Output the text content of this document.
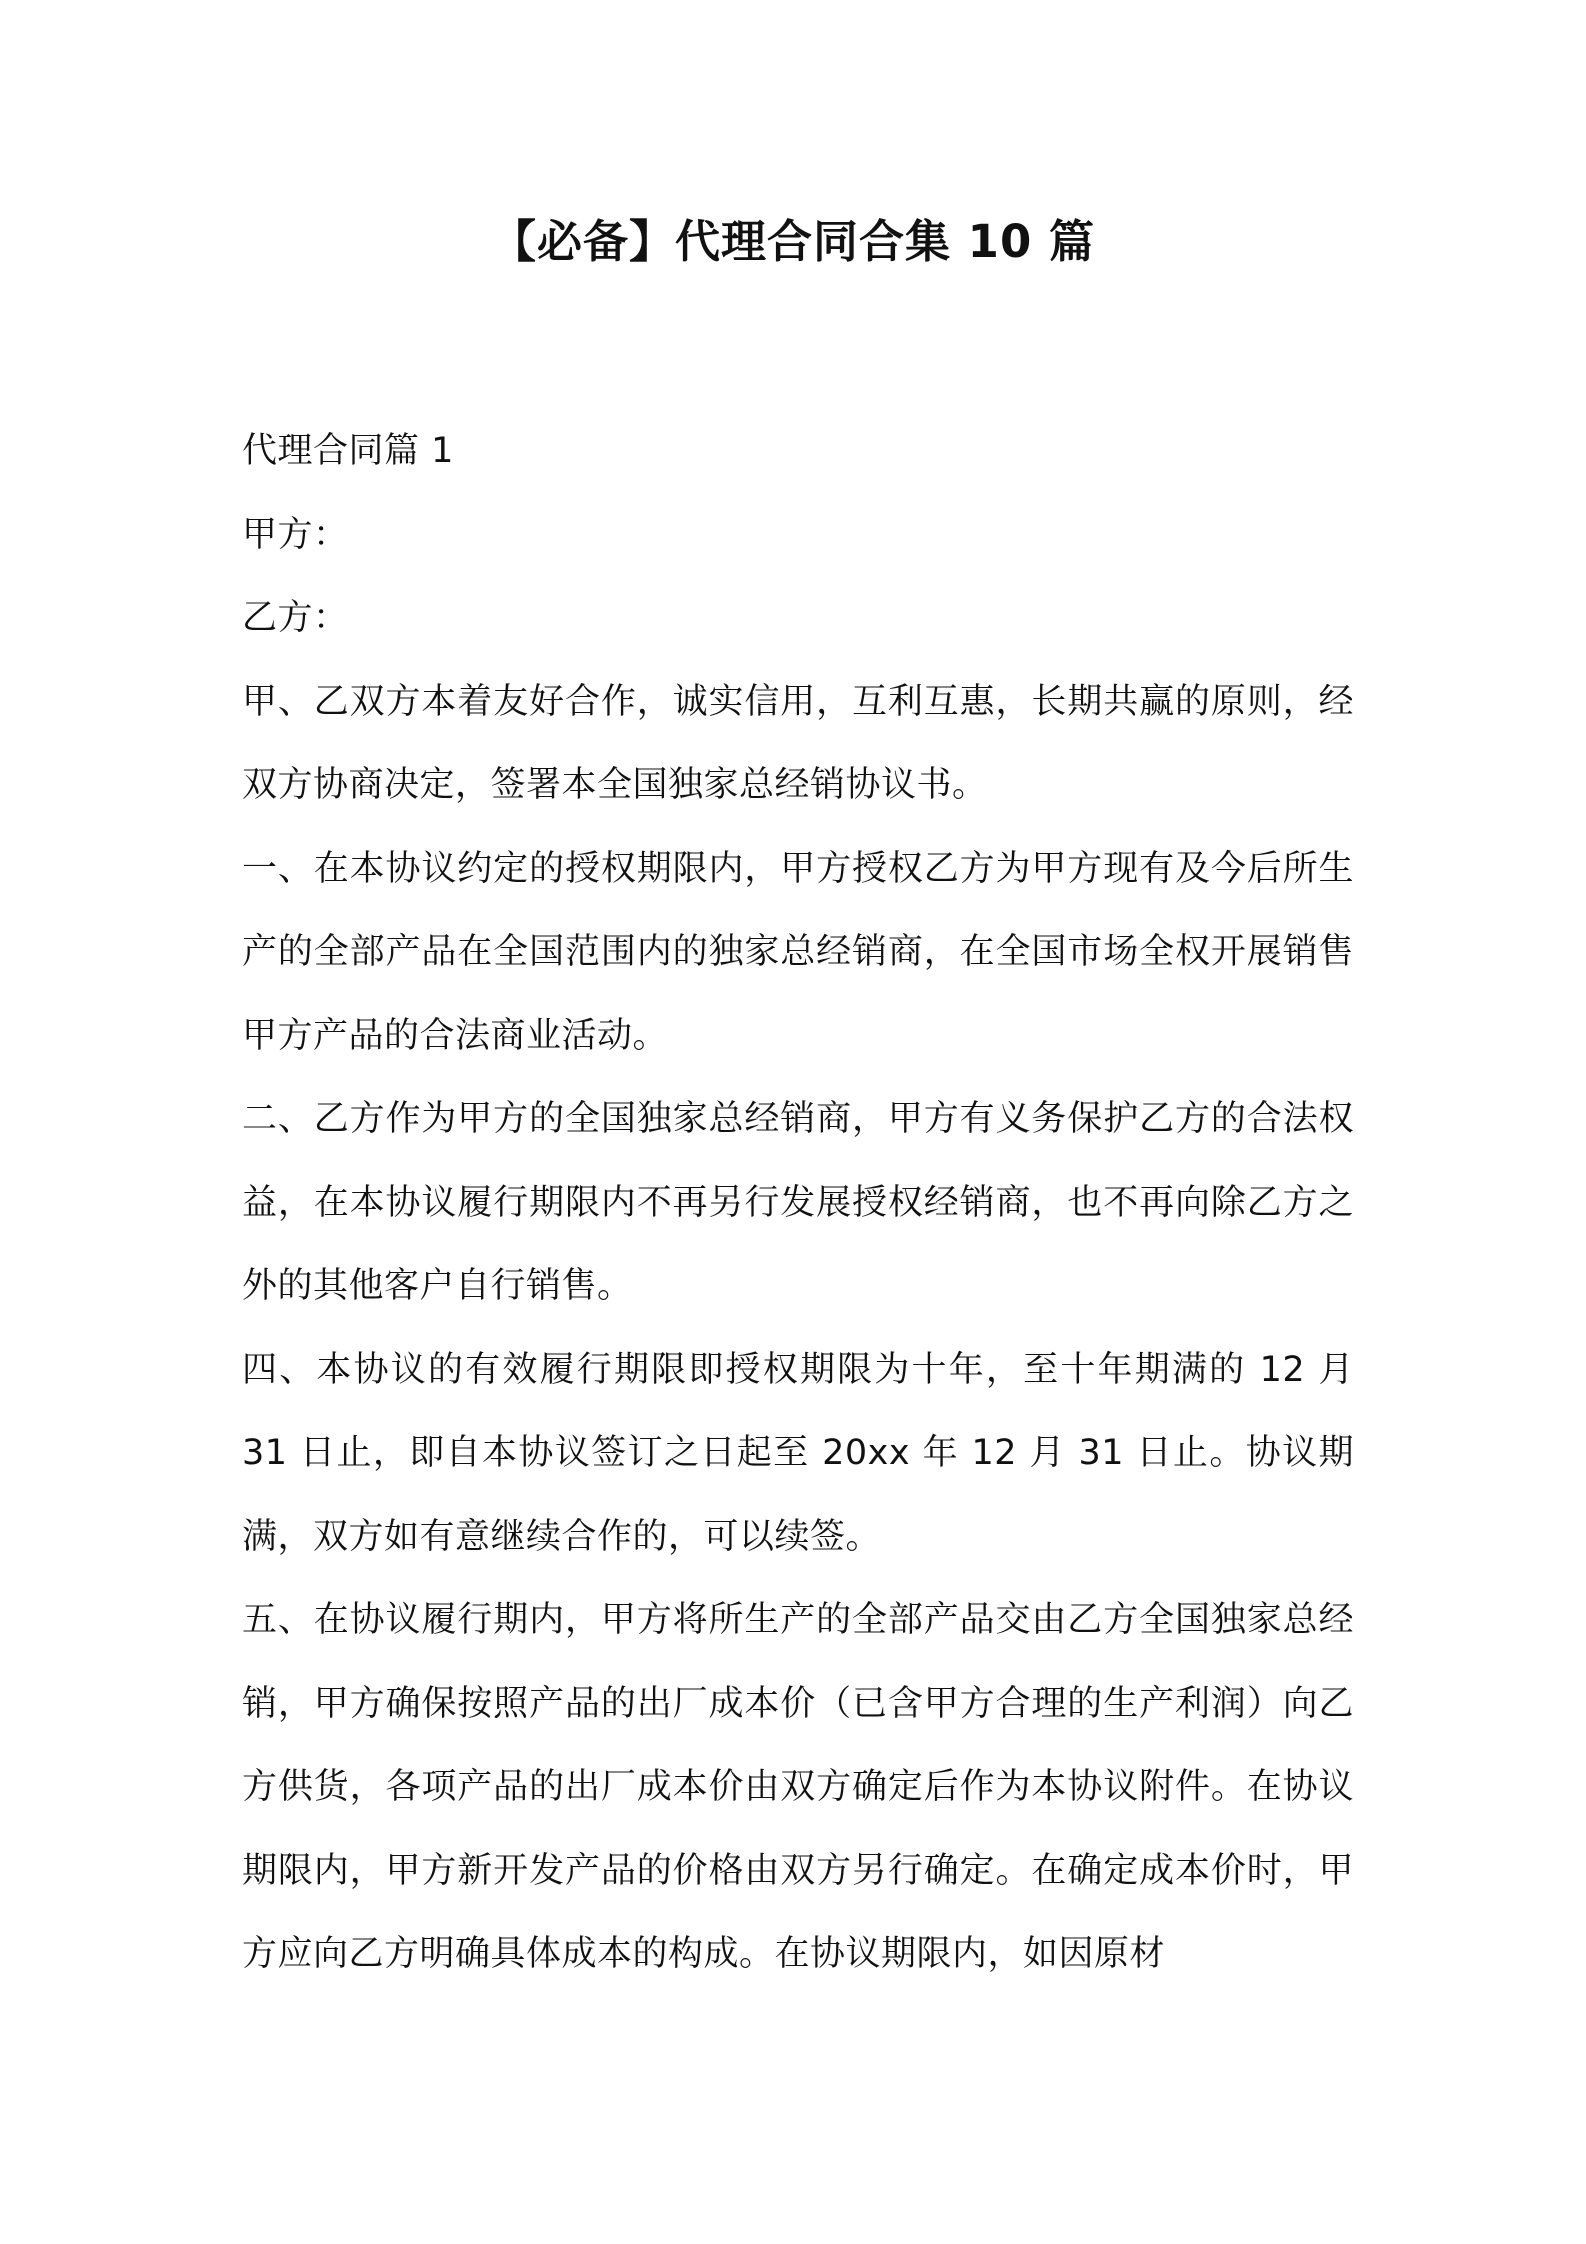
【必备】代理合同合集 10 篇

代理合同篇 1

甲方：

乙方：

甲、乙双方本着友好合作，诚实信用，互利互惠，长期共赢的原则，经双方协商决定，签署本全国独家总经销协议书。

一、在本协议约定的授权期限内，甲方授权乙方为甲方现有及今后所生产的全部产品在全国范围内的独家总经销商，在全国市场全权开展销售甲方产品的合法商业活动。

二、乙方作为甲方的全国独家总经销商，甲方有义务保护乙方的合法权益，在本协议履行期限内不再另行发展授权经销商，也不再向除乙方之外的其他客户自行销售。

四、本协议的有效履行期限即授权期限为十年，至十年期满的 12 月 31 日止，即自本协议签订之日起至 20xx 年 12 月 31 日止。协议期满，双方如有意继续合作的，可以续签。

五、在协议履行期内，甲方将所生产的全部产品交由乙方全国独家总经销，甲方确保按照产品的出厂成本价（已含甲方合理的生产利润）向乙方供货，各项产品的出厂成本价由双方确定后作为本协议附件。在协议期限内，甲方新开发产品的价格由双方另行确定。在确定成本价时，甲方应向乙方明确具体成本的构成。在协议期限内，如因原材
